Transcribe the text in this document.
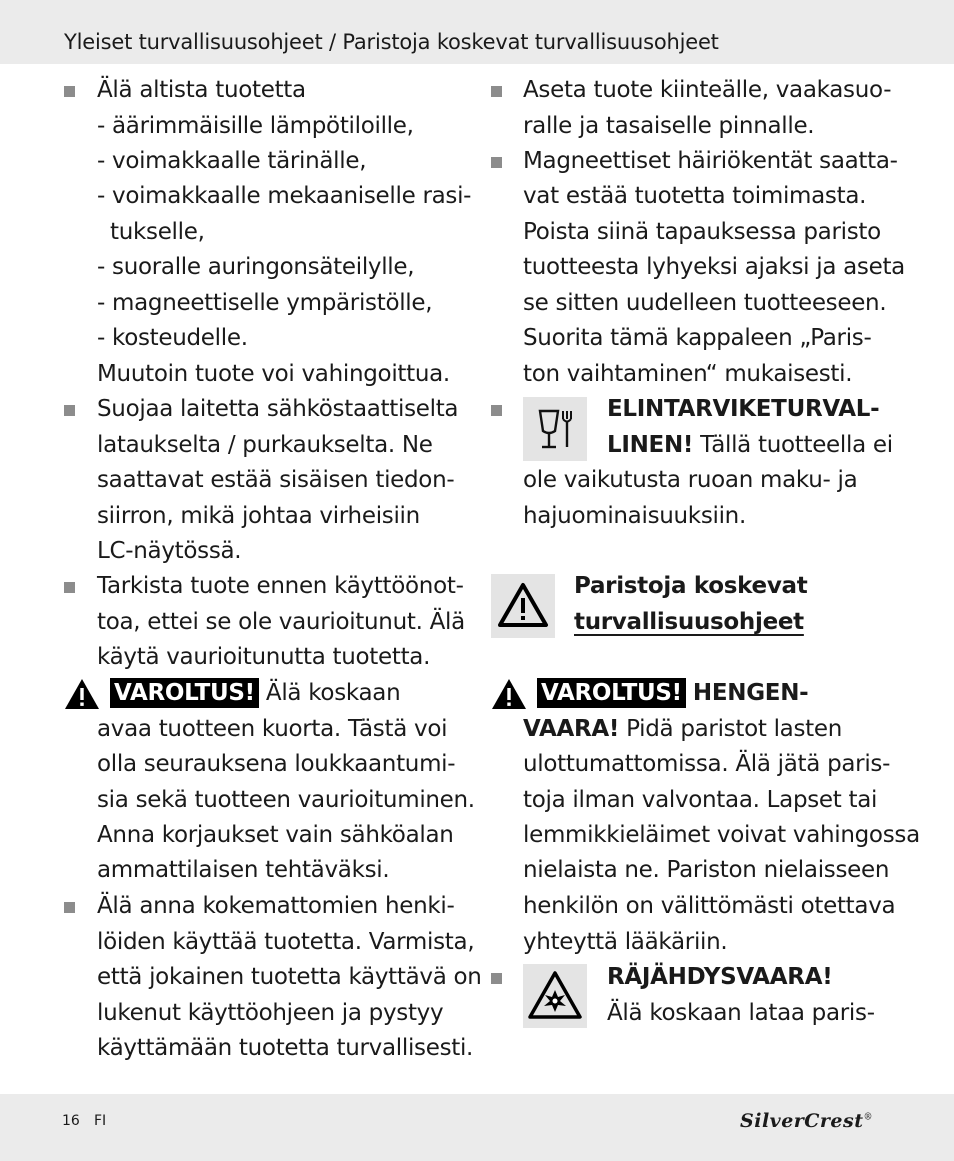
Yleiset turvallisuusohjeet / Paristoja koskevat turvallisuusohjeet
Älä altista tuotetta
- äärimmäisille lämpötiloille,
- voimakkaalle tärinälle,
- voimakkaalle mekaaniselle rasi-
tukselle,
- suoralle auringonsäteilylle,
- magneettiselle ympäristölle,
- kosteudelle.
Muutoin tuote voi vahingoittua.
Suojaa laitetta sähköstaattiselta
lataukselta / purkaukselta. Ne
saattavat estää sisäisen tiedon-
siirron, mikä johtaa virheisiin
LC-näytössä.
Tarkista tuote ennen käyttöönot-
toa, ettei se ole vaurioitunut. Älä
käytä vaurioitunutta tuotetta.
VAROLTUS! Älä koskaan
avaa tuotteen kuorta. Tästä voi
olla seurauksena loukkaantumi-
sia sekä tuotteen vaurioituminen.
Anna korjaukset vain sähköalan
ammattilaisen tehtäväksi.
Älä anna kokemattomien henki-
löiden käyttää tuotetta. Varmista,
että jokainen tuotetta käyttävä on
lukenut käyttöohjeen ja pystyy
käyttämään tuotetta turvallisesti.
Aseta tuote kiinteälle, vaakasuo-
ralle ja tasaiselle pinnalle.
Magneettiset häiriökentät saatta-
vat estää tuotetta toimimasta.
Poista siinä tapauksessa paristo
tuotteesta lyhyeksi ajaksi ja aseta
se sitten uudelleen tuotteeseen.
Suorita tämä kappaleen „Paris-
ton vaihtaminen“ mukaisesti.
ELINTARVIKETURVAL-
LINEN! Tällä tuotteella ei
ole vaikutusta ruoan maku- ja
hajuominaisuuksiin.
Paristoja koskevat
turvallisuusohjeet
VAROLTUS! HENGEN-
VAARA! Pidä paristot lasten
ulottumattomissa. Älä jätä paris-
toja ilman valvontaa. Lapset tai
lemmikkieläimet voivat vahingossa
nielaista ne. Pariston nielaisseen
henkilön on välittömästi otettava
yhteyttä lääkäriin.
RÄJÄHDYSVAARA!
Älä koskaan lataa paris-
16 FI	SilverCrest®
